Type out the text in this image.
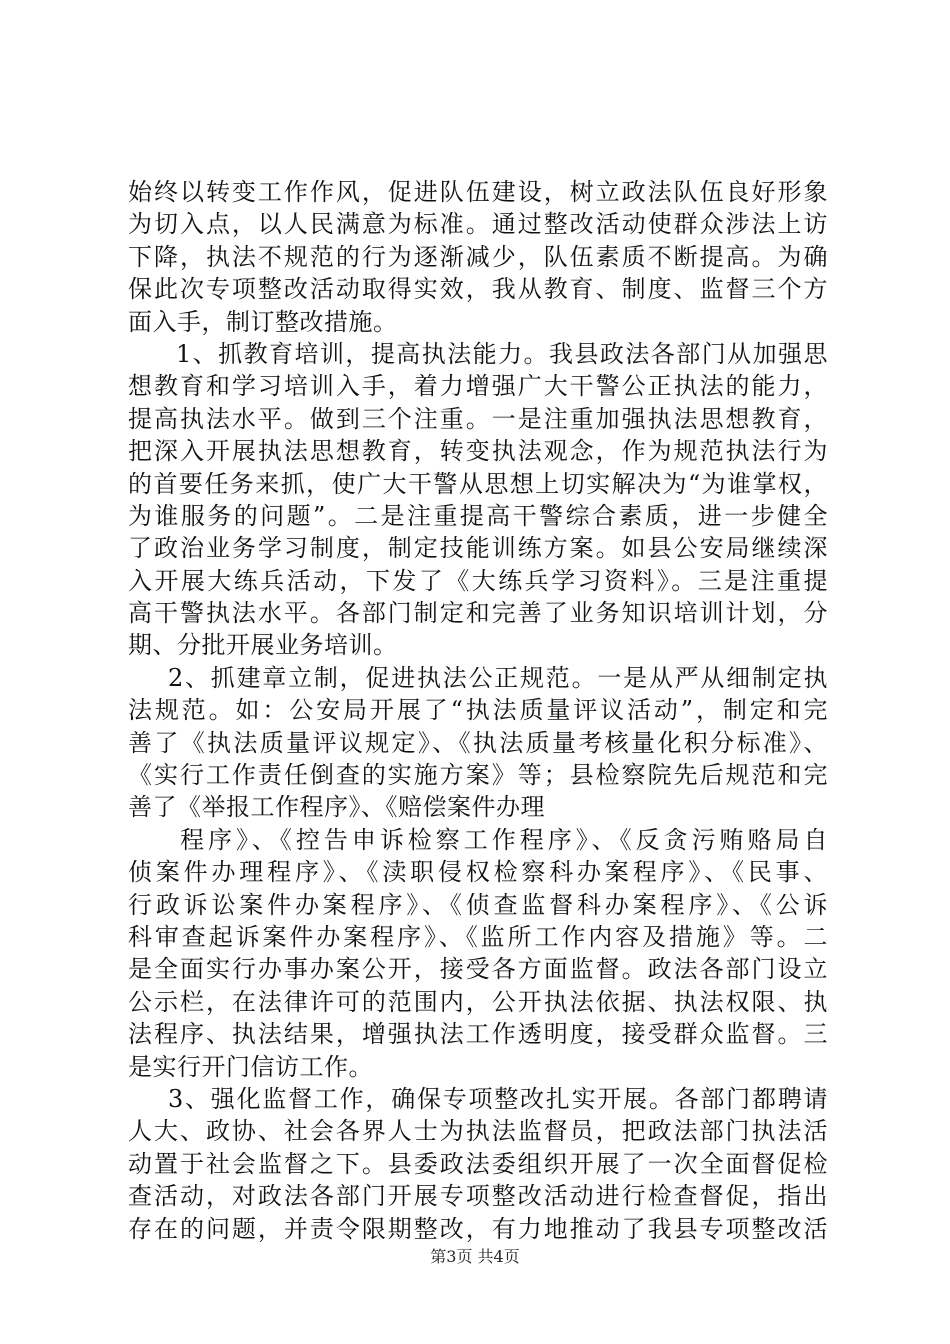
始终以转变工作作风，促进队伍建设，树立政法队伍良好形象
为切入点，以人民满意为标准。通过整改活动使群众涉法上访
下降，执法不规范的行为逐渐减少，队伍素质不断提高。为确
保此次专项整改活动取得实效，我从教育、制度、监督三个方
面入手，制订整改措施。
1、抓教育培训，提高执法能力。我县政法各部门从加强思
想教育和学习培训入手，着力增强广大干警公正执法的能力，
提高执法水平。做到三个注重。一是注重加强执法思想教育，
把深入开展执法思想教育，转变执法观念，作为规范执法行为
的首要任务来抓，使广大干警从思想上切实解决为“为谁掌权，
为谁服务的问题”。二是注重提高干警综合素质，进一步健全
了政治业务学习制度，制定技能训练方案。如县公安局继续深
入开展大练兵活动，下发了《大练兵学习资料》。三是注重提
高干警执法水平。各部门制定和完善了业务知识培训计划，分
期、分批开展业务培训。
2、抓建章立制，促进执法公正规范。一是从严从细制定执
法规范。如：公安局开展了“执法质量评议活动”，制定和完
善了《执法质量评议规定》、《执法质量考核量化积分标准》、
《实行工作责任倒查的实施方案》等；县检察院先后规范和完
善了《举报工作程序》、《赔偿案件办理
程序》、《控告申诉检察工作程序》、《反贪污贿赂局自
侦案件办理程序》、《渎职侵权检察科办案程序》、《民事、
行政诉讼案件办案程序》、《侦查监督科办案程序》、《公诉
科审查起诉案件办案程序》、《监所工作内容及措施》等。二
是全面实行办事办案公开，接受各方面监督。政法各部门设立
公示栏，在法律许可的范围内，公开执法依据、执法权限、执
法程序、执法结果，增强执法工作透明度，接受群众监督。三
是实行开门信访工作。
3、强化监督工作，确保专项整改扎实开展。各部门都聘请
人大、政协、社会各界人士为执法监督员，把政法部门执法活
动置于社会监督之下。县委政法委组织开展了一次全面督促检
查活动，对政法各部门开展专项整改活动进行检查督促，指出
存在的问题，并责令限期整改，有力地推动了我县专项整改活
第3页 共4页
